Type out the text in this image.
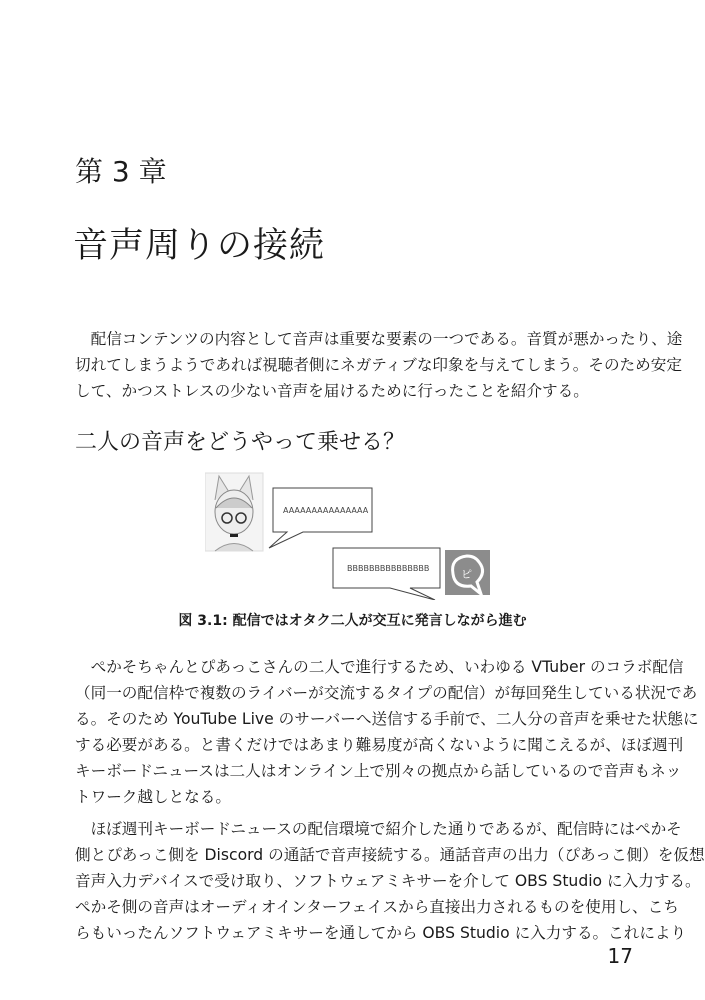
第 3 章
音声周りの接続
　配信コンテンツの内容として音声は重要な要素の一つである。音質が悪かったり、途
切れてしまうようであれば視聴者側にネガティブな印象を与えてしまう。そのため安定
して、かつストレスの少ない音声を届けるために行ったことを紹介する。
二人の音声をどうやって乗せる？
AAAAAAAAAAAAAAA
BBBBBBBBBBBBBBB	ピ
図 3.1: 配信ではオタク二人が交互に発言しながら進む
　ぺかそちゃんとぴあっこさんの二人で進行するため、いわゆる VTuber のコラボ配信
（同一の配信枠で複数のライバーが交流するタイプの配信）が毎回発生している状況であ
る。そのため YouTube Live のサーバーへ送信する手前で、二人分の音声を乗せた状態に
する必要がある。と書くだけではあまり難易度が高くないように聞こえるが、ほぼ週刊
キーボードニュースは二人はオンライン上で別々の拠点から話しているので音声もネッ
トワーク越しとなる。
　ほぼ週刊キーボードニュースの配信環境で紹介した通りであるが、配信時にはぺかそ
側とぴあっこ側を Discord の通話で音声接続する。通話音声の出力（ぴあっこ側）を仮想
音声入力デバイスで受け取り、ソフトウェアミキサーを介して OBS Studio に入力する。
ぺかそ側の音声はオーディオインターフェイスから直接出力されるものを使用し、こち
らもいったんソフトウェアミキサーを通してから OBS Studio に入力する。これにより
17
